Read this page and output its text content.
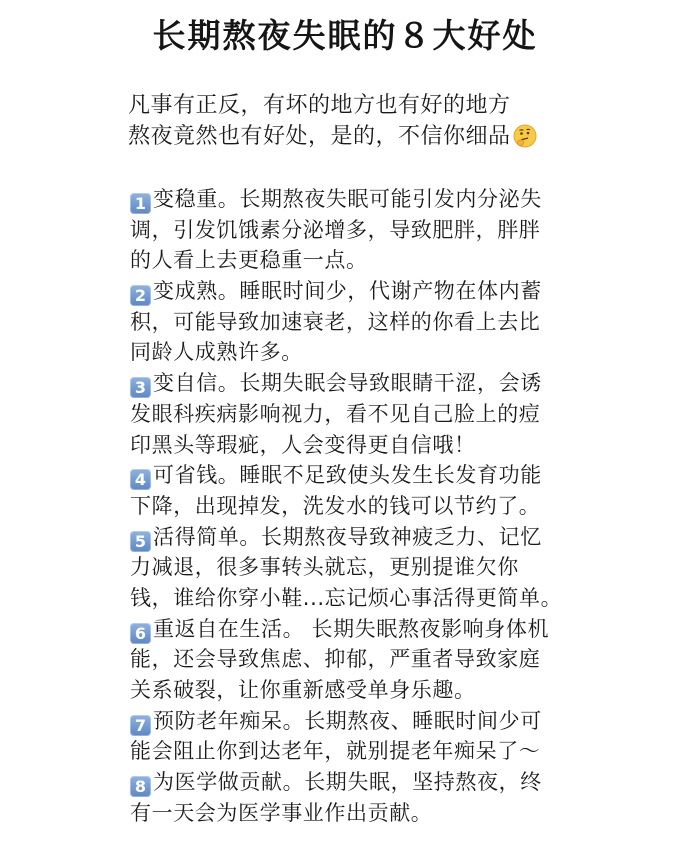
长期熬夜失眠的８大好处
凡事有正反，有坏的地方也有好的地方
熬夜竟然也有好处，是的，不信你细品
1 变稳重。长期熬夜失眠可能引发内分泌失
调，引发饥饿素分泌增多，导致肥胖，胖胖
的人看上去更稳重一点。
2 变成熟。睡眠时间少，代谢产物在体内蓄
积，可能导致加速衰老，这样的你看上去比
同龄人成熟许多。
3 变自信。长期失眠会导致眼睛干涩，会诱
发眼科疾病影响视力，看不见自己脸上的痘
印黑头等瑕疵，人会变得更自信哦！
4 可省钱。睡眠不足致使头发生长发育功能
下降，出现掉发，洗发水的钱可以节约了。
5 活得简单。长期熬夜导致神疲乏力、记忆
力减退，很多事转头就忘，更别提谁欠你
钱，谁给你穿小鞋...忘记烦心事活得更简单。
6 重返自在生活。 长期失眠熬夜影响身体机
能，还会导致焦虑、抑郁，严重者导致家庭
关系破裂，让你重新感受单身乐趣。
7 预防老年痴呆。长期熬夜、睡眠时间少可
能会阻止你到达老年，就别提老年痴呆了～
8 为医学做贡献。长期失眠，坚持熬夜，终
有一天会为医学事业作出贡献。
